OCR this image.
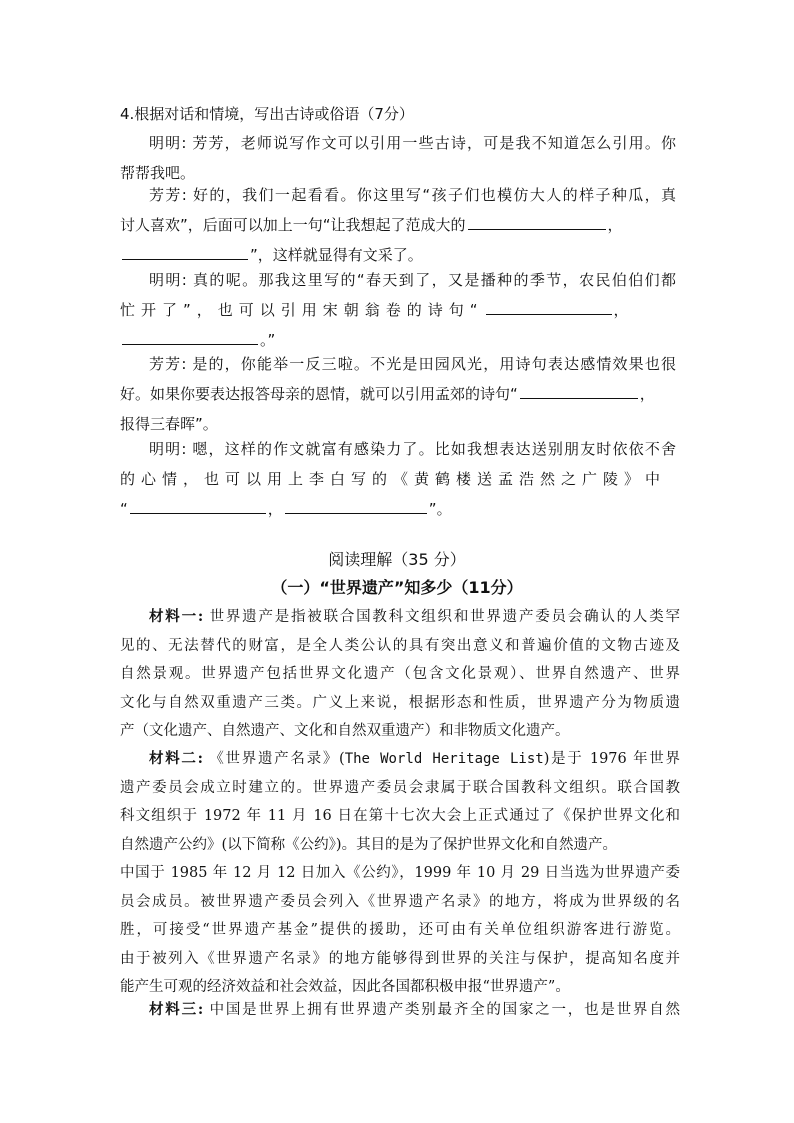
4.根据对话和情境，写出古诗或俗语（7分）
明明: 芳芳，老师说写作文可以引用一些古诗，可是我不知道怎么引用。你
帮帮我吧。
芳芳: 好的，我们一起看看。你这里写“孩子们也模仿大人的样子种瓜，真
讨人喜欢”，后面可以加上一句“让我想起了范成大的	，
”，这样就显得有文采了。
明明: 真的呢。那我这里写的“春天到了，又是播种的季节，农民伯伯们都
忙开了”，也可以引用宋朝翁卷的诗句“	，
。”
芳芳: 是的，你能举一反三啦。不光是田园风光，用诗句表达感情效果也很
好。如果你要表达报答母亲的恩情，就可以引用孟郊的诗句“	，
报得三春晖”。
明明: 嗯，这样的作文就富有感染力了。比如我想表达送别朋友时依依不舍
的心情，也可以用上李白写的《黄鹤楼送孟浩然之广陵》中
“	，	”。
阅读理解（35 分）
（一）“世界遗产”知多少（11分）
材料一: 世界遗产是指被联合国教科文组织和世界遗产委员会确认的人类罕
见的、无法替代的财富，是全人类公认的具有突出意义和普遍价值的文物古迹及
自然景观。世界遗产包括世界文化遗产（包含文化景观）、世界自然遗产、世界
文化与自然双重遗产三类。广义上来说，根据形态和性质，世界遗产分为物质遗
产（文化遗产、自然遗产、文化和自然双重遗产）和非物质文化遗产。
材料二: 《世界遗产名录》(The World Heritage List)是于 1976 年世界
遗产委员会成立时建立的。世界遗产委员会隶属于联合国教科文组织。联合国教
科文组织于 1972 年 11 月 16 日在第十七次大会上正式通过了《保护世界文化和
自然遗产公约》(以下简称《公约》)。其目的是为了保护世界文化和自然遗产。
中国于 1985 年 12 月 12 日加入《公约》，1999 年 10 月 29 日当选为世界遗产委
员会成员。被世界遗产委员会列入《世界遗产名录》的地方，将成为世界级的名
胜，可接受“世界遗产基金”提供的援助，还可由有关单位组织游客进行游览。
由于被列入《世界遗产名录》的地方能够得到世界的关注与保护，提高知名度并
能产生可观的经济效益和社会效益，因此各国都积极申报“世界遗产”。
材料三: 中国是世界上拥有世界遗产类别最齐全的国家之一，也是世界自然
